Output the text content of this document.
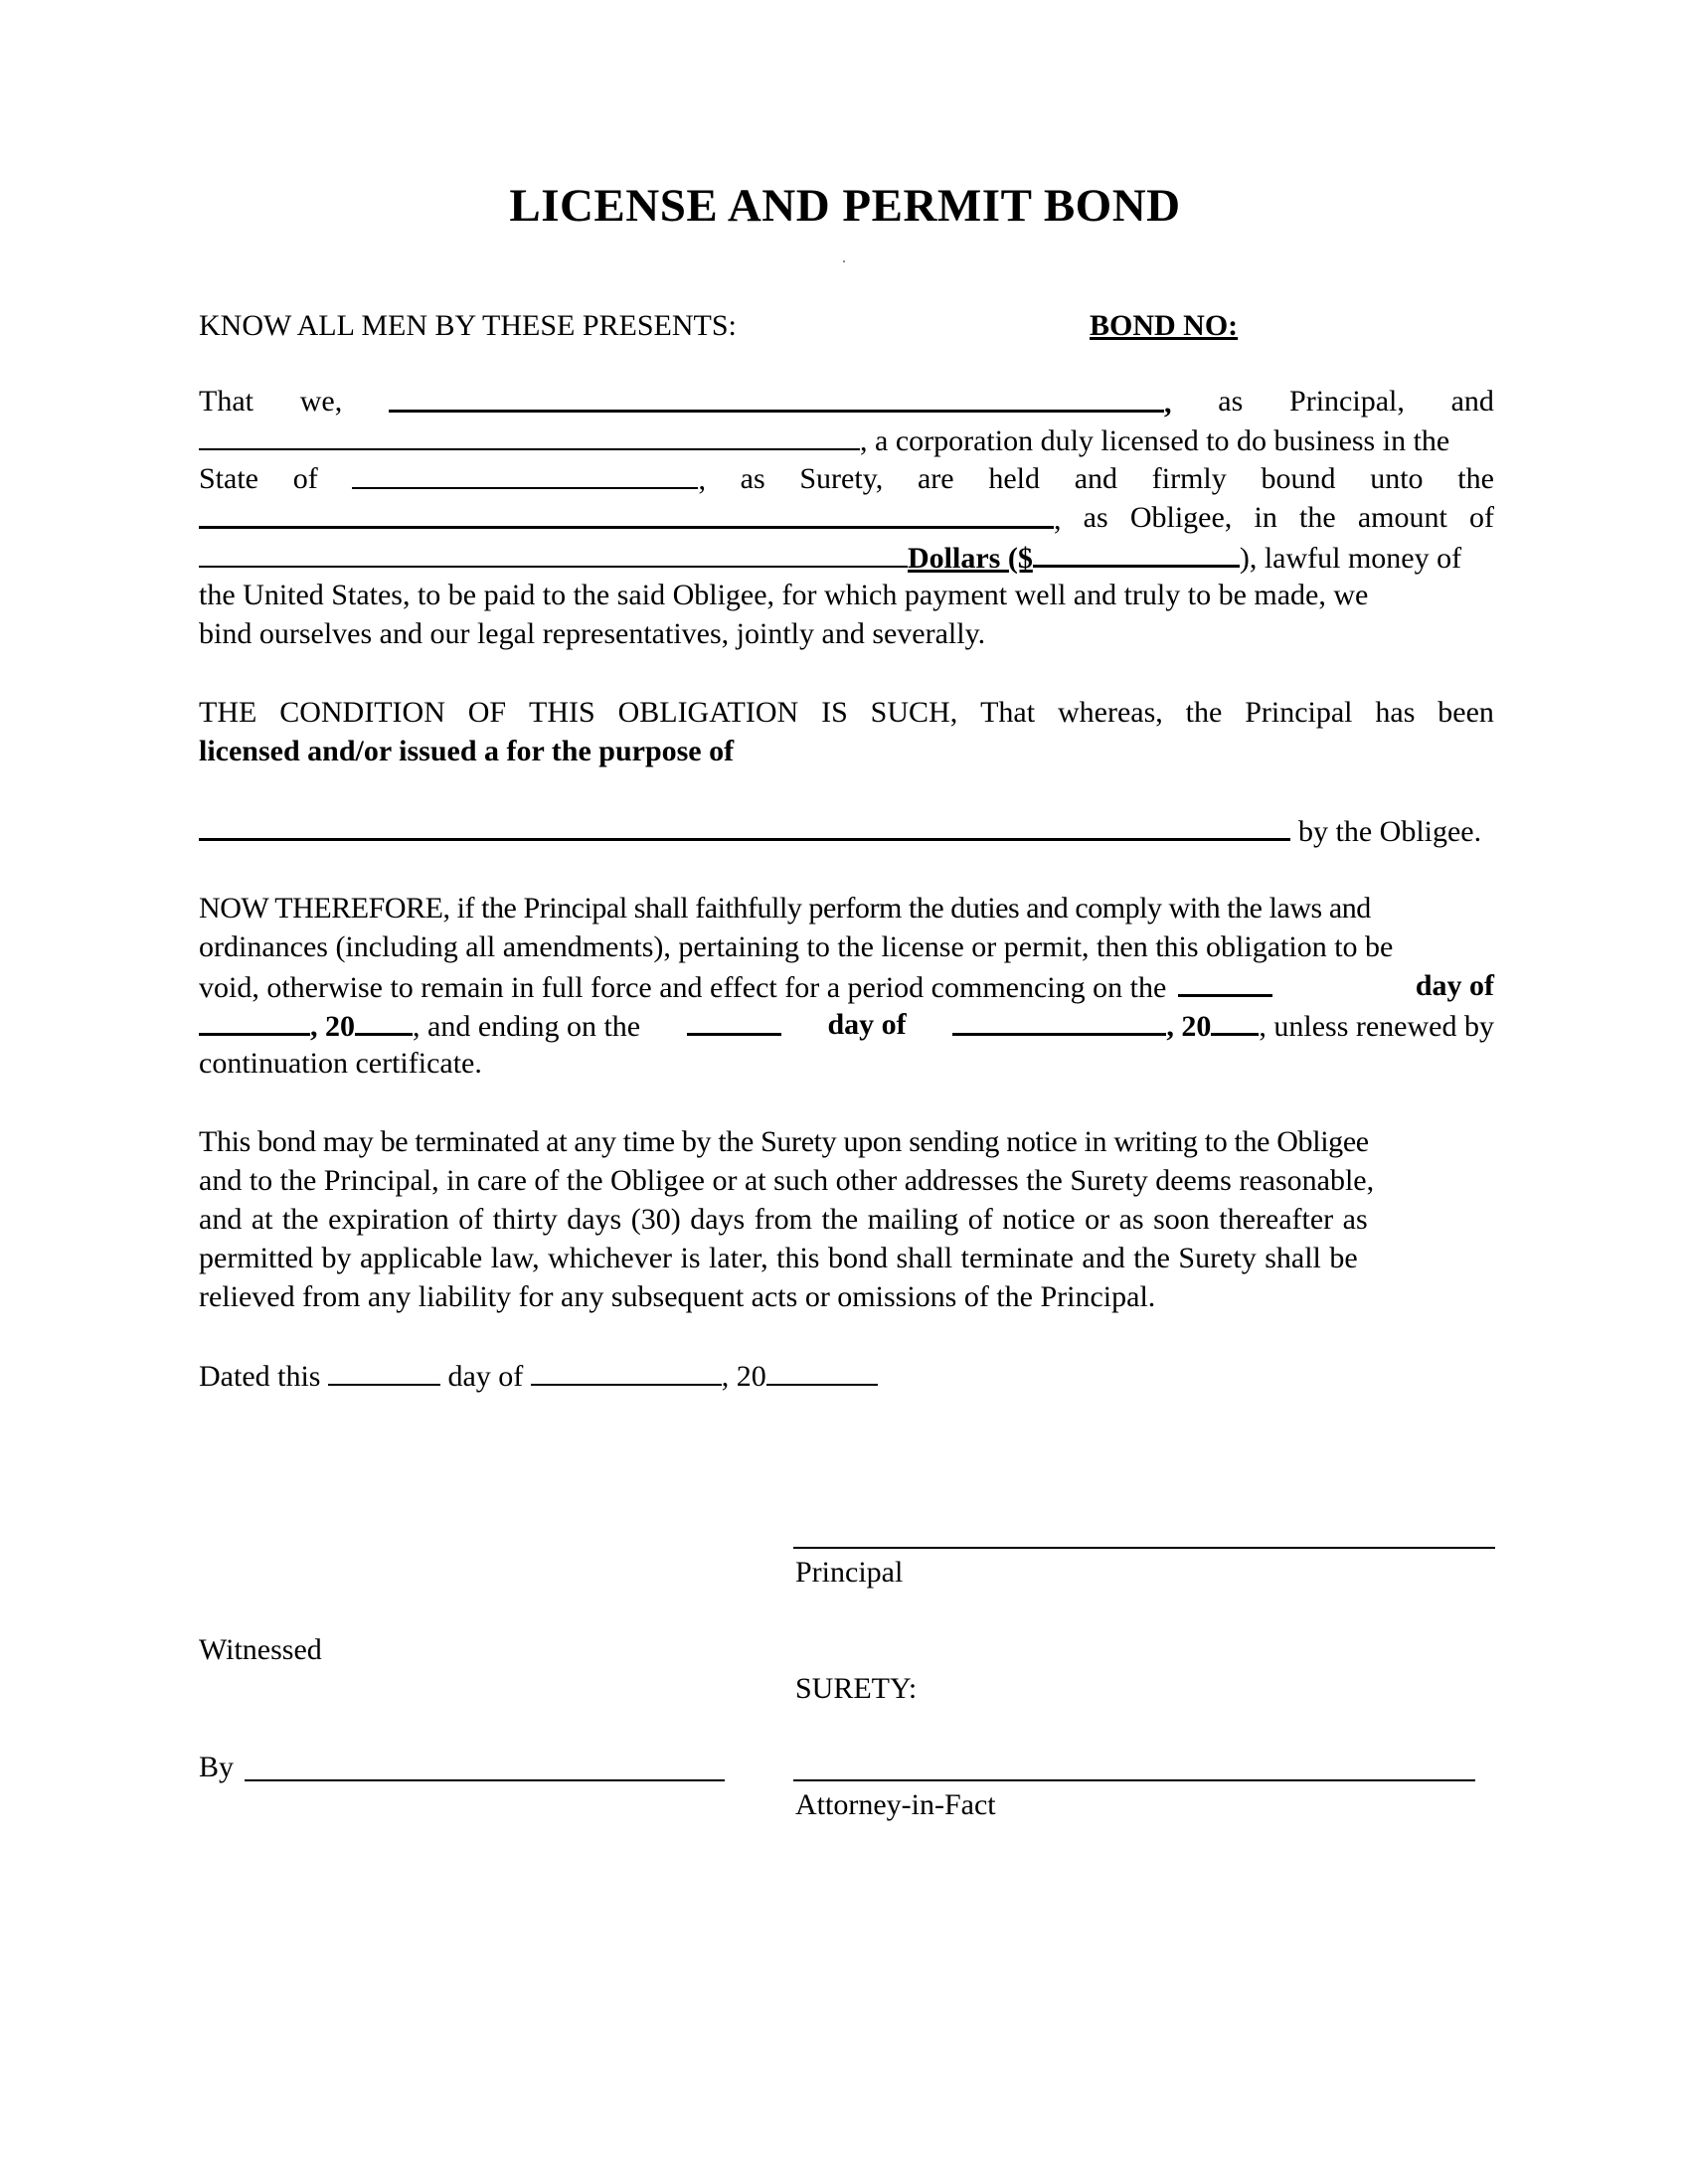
LICENSE AND PERMIT BOND
KNOW ALL MEN BY THESE PRESENTS:	BOND NO:
That we,	, as Principal, and
, a corporation duly licensed to do business in the
State of	, as Surety, are held and firmly bound unto the
, as Obligee, in the amount of
Dollars ($	), lawful money of
the United States, to be paid to the said Obligee, for which payment well and truly to be made, we
bind ourselves and our legal representatives, jointly and severally.
THE CONDITION OF THIS OBLIGATION IS SUCH, That whereas, the Principal has been
licensed and/or issued a for the purpose of
by the Obligee.
NOW THEREFORE, if the Principal shall faithfully perform the duties and comply with the laws and
ordinances (including all amendments), pertaining to the license or permit, then this obligation to be
void, otherwise to remain in full force and effect for a period commencing on the	day of
, 20 , and ending on the	day of	, 20 , unless renewed by
continuation certificate.
This bond may be terminated at any time by the Surety upon sending notice in writing to the Obligee
and to the Principal, in care of the Obligee or at such other addresses the Surety deems reasonable,
and at the expiration of thirty days (30) days from the mailing of notice or as soon thereafter as
permitted by applicable law, whichever is later, this bond shall terminate and the Surety shall be
relieved from any liability for any subsequent acts or omissions of the Principal.
Dated this	day of	, 20
Principal
Witnessed
SURETY:
By
Attorney-in-Fact
